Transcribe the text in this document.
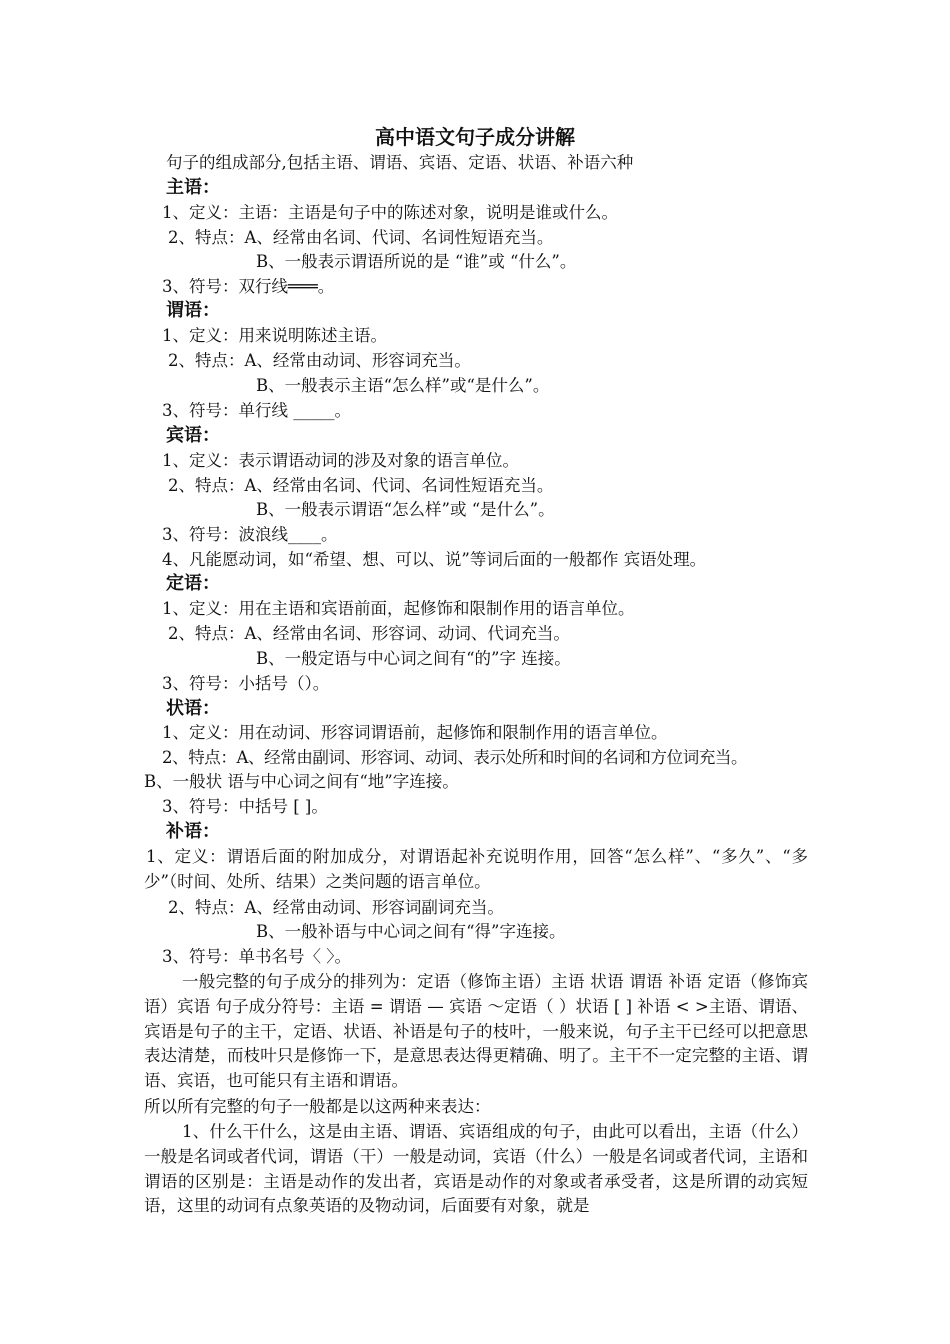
高中语文句子成分讲解
句子的组成部分,包括主语、谓语、宾语、定语、状语、补语六种
主语：
1、定义：主语：主语是句子中的陈述对象，说明是谁或什么。
2、特点：A、经常由名词、代词、名词性短语充当。
B、一般表示谓语所说的是 “谁”或 “什么”。
3、符号：双行线═══。
谓语：
1、定义：用来说明陈述主语。
2、特点：A、经常由动词、形容词充当。
B、一般表示主语“怎么样”或“是什么”。
3、符号：单行线 _____。
宾语：
1、定义：表示谓语动词的涉及对象的语言单位。
2、特点：A、经常由名词、代词、名词性短语充当。
B、一般表示谓语“怎么样”或 “是什么”。
3、符号：波浪线____。
4、凡能愿动词，如“希望、想、可以、说”等词后面的一般都作 宾语处理。
定语：
1、定义：用在主语和宾语前面，起修饰和限制作用的语言单位。
2、特点：A、经常由名词、形容词、动词、代词充当。
B、一般定语与中心词之间有“的”字 连接。
3、符号：小括号（）。
状语：
1、定义：用在动词、形容词谓语前，起修饰和限制作用的语言单位。
2、特点：A、经常由副词、形容词、动词、表示处所和时间的名词和方位词充当。
B、一般状 语与中心词之间有“地”字连接。
3、符号：中括号 [ ]。
补语：
1、定义：谓语后面的附加成分，对谓语起补充说明作用，回答“怎么样”、“多久”、“多少”（时间、处所、结果）之类问题的语言单位。
2、特点：A、经常由动词、形容词副词充当。
B、一般补语与中心词之间有“得”字连接。
3、符号：单书名号〈 〉。
一般完整的句子成分的排列为：定语（修饰主语）主语 状语 谓语 补语 定语（修饰宾语）宾语 句子成分符号：主语 = 谓语 — 宾语 ～定语（ ）状语 [ ] 补语 < >主语、谓语、宾语是句子的主干，定语、状语、补语是句子的枝叶，一般来说，句子主干已经可以把意思表达清楚，而枝叶只是修饰一下，是意思表达得更精确、明了。主干不一定完整的主语、谓语、宾语，也可能只有主语和谓语。
所以所有完整的句子一般都是以这两种来表达：
1、什么干什么，这是由主语、谓语、宾语组成的句子，由此可以看出，主语（什么）一般是名词或者代词，谓语（干）一般是动词，宾语（什么）一般是名词或者代词，主语和谓语的区别是：主语是动作的发出者，宾语是动作的对象或者承受者，这是所谓的动宾短语，这里的动词有点象英语的及物动词，后面要有对象，就是
